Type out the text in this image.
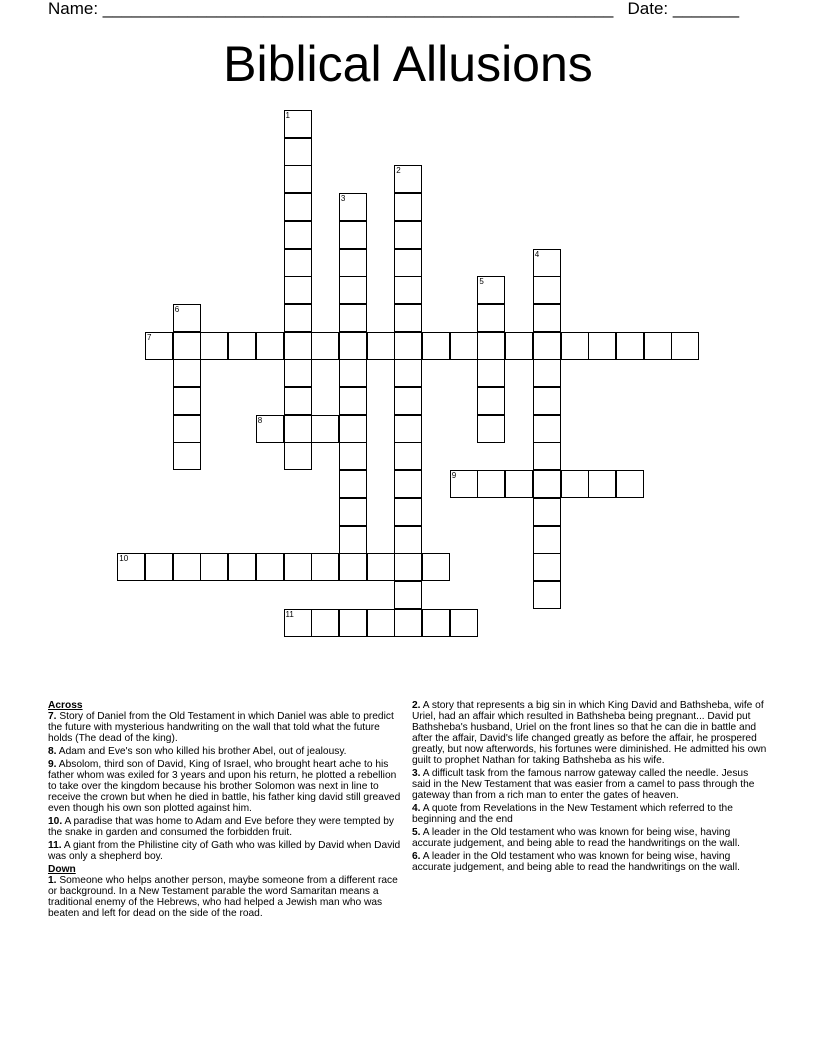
Name: ______________________________________________________   Date: _______
Biblical Allusions
1
2
3
4
5
6
7
8
9
10
11

Across

7. Story of Daniel from the Old Testament in which Daniel was able to predict the future with mysterious handwriting on the wall that told what the future holds (The dead of the king).
8. Adam and Eve's son who killed his brother Abel, out of jealousy.
9. Absolom, third son of David, King of Israel, who brought heart ache to his father whom was exiled for 3 years and upon his return, he plotted a rebellion to take over the kingdom because his brother Solomon was next in line to receive the crown but when he died in battle, his father king david still greaved even though his own son plotted against him.
10. A paradise that was home to Adam and Eve before they were tempted by the snake in garden and consumed the forbidden fruit.
11. A giant from the Philistine city of Gath who was killed by David when David was only a shepherd boy.

Down

1. Someone who helps another person, maybe someone from a different race or background. In a New Testament parable the word Samaritan means a traditional enemy of the Hebrews, who had helped a Jewish man who was beaten and left for dead on the side of the road.
2. A story that represents a big sin in which King David and Bathsheba, wife of Uriel, had an affair which resulted in Bathsheba being pregnant... David put Bathsheba's husband, Uriel on the front lines so that he can die in battle and after the affair, David's life changed greatly as before the affair, he prospered greatly, but now afterwords, his fortunes were diminished. He admitted his own guilt to prophet Nathan for taking Bathsheba as his wife.
3. A difficult task from the famous narrow gateway called the needle. Jesus said in the New Testament that was easier from a camel to pass through the gateway than from a rich man to enter the gates of heaven.
4. A quote from Revelations in the New Testament which referred to the beginning and the end
5. A leader in the Old testament who was known for being wise, having accurate judgement, and being able to read the handwritings on the wall.
6. A leader in the Old testament who was known for being wise, having accurate judgement, and being able to read the handwritings on the wall.
